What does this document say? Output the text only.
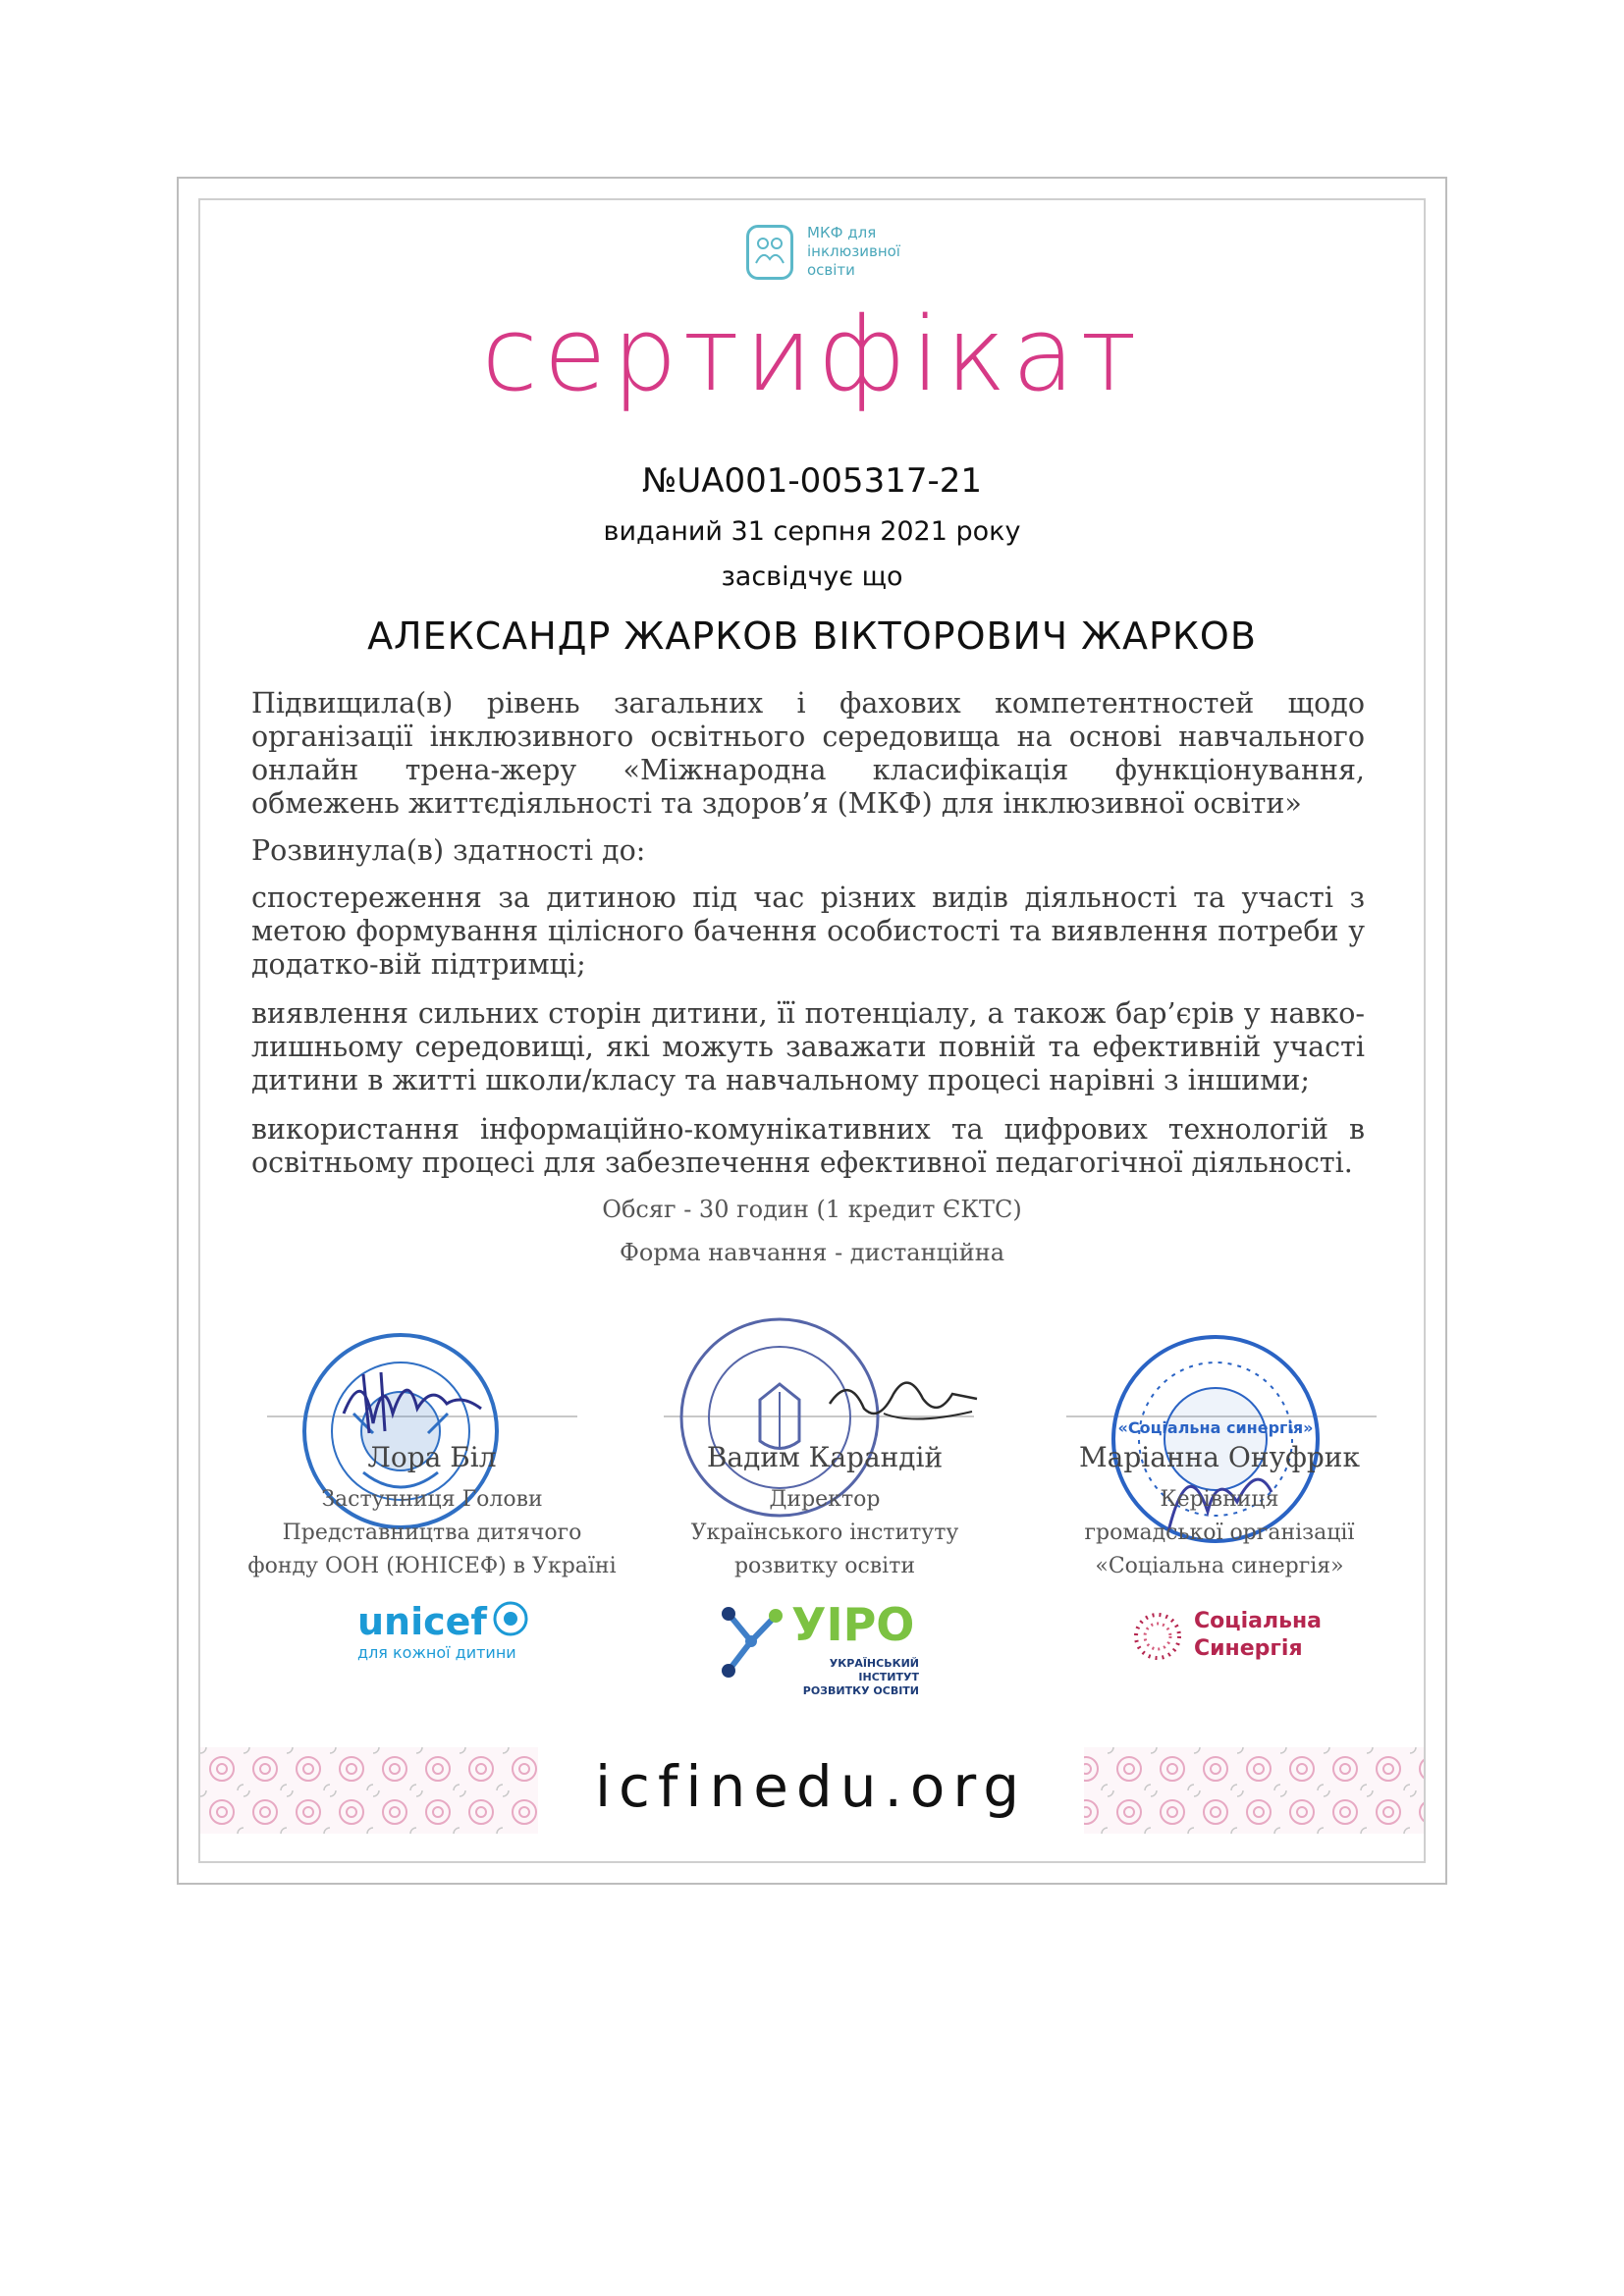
МКФ для
інклюзивної
освіти
сертифікат
№UA001-005317-21
виданий 31 серпня 2021 року
засвідчує що
АЛЕКСАНДР ЖАРКОВ ВІКТОРОВИЧ ЖАРКОВ
Підвищила(в) рівень загальних і фахових компетентностей щодо організації інклюзивного освітнього середовища на основі навчального онлайн трена-жеру «Міжнародна класифікація функціонування, обмежень життєдіяльності та здоров’я (МКФ) для інклюзивної освіти»
Розвинула(в) здатності до:
спостереження за дитиною під час різних видів діяльності та участі з метою формування цілісного бачення особистості та виявлення потреби у додатко-вій підтримці;
виявлення сильних сторін дитини, її потенціалу, а також бар’єрів у навко-лишньому середовищі, які можуть заважати повній та ефективній участі дитини в житті школи/класу та навчальному процесі нарівні з іншими;
використання інформаційно-комунікативних та цифрових технологій в освітньому процесі для забезпечення ефективної педагогічної діяльності.
Обсяг - 30 годин (1 кредит ЄКТС)
Форма навчання - дистанційна
«Соціальна синергія»
Лора Біл
Заступниця Голови
Представництва дитячого
фонду ООН (ЮНІСЕФ) в Україні
Вадим Карандій
Директор
Українського інституту
розвитку освіти
Маріанна Онуфрик
Керівниця
громадської організації
«Соціальна синергія»
unicef
для кожної дитини
УІРО
УКРАЇНСЬКИЙ ІНСТИТУТ
РОЗВИТКУ ОСВІТИ
Соціальна
Синергія
icfinedu.org
